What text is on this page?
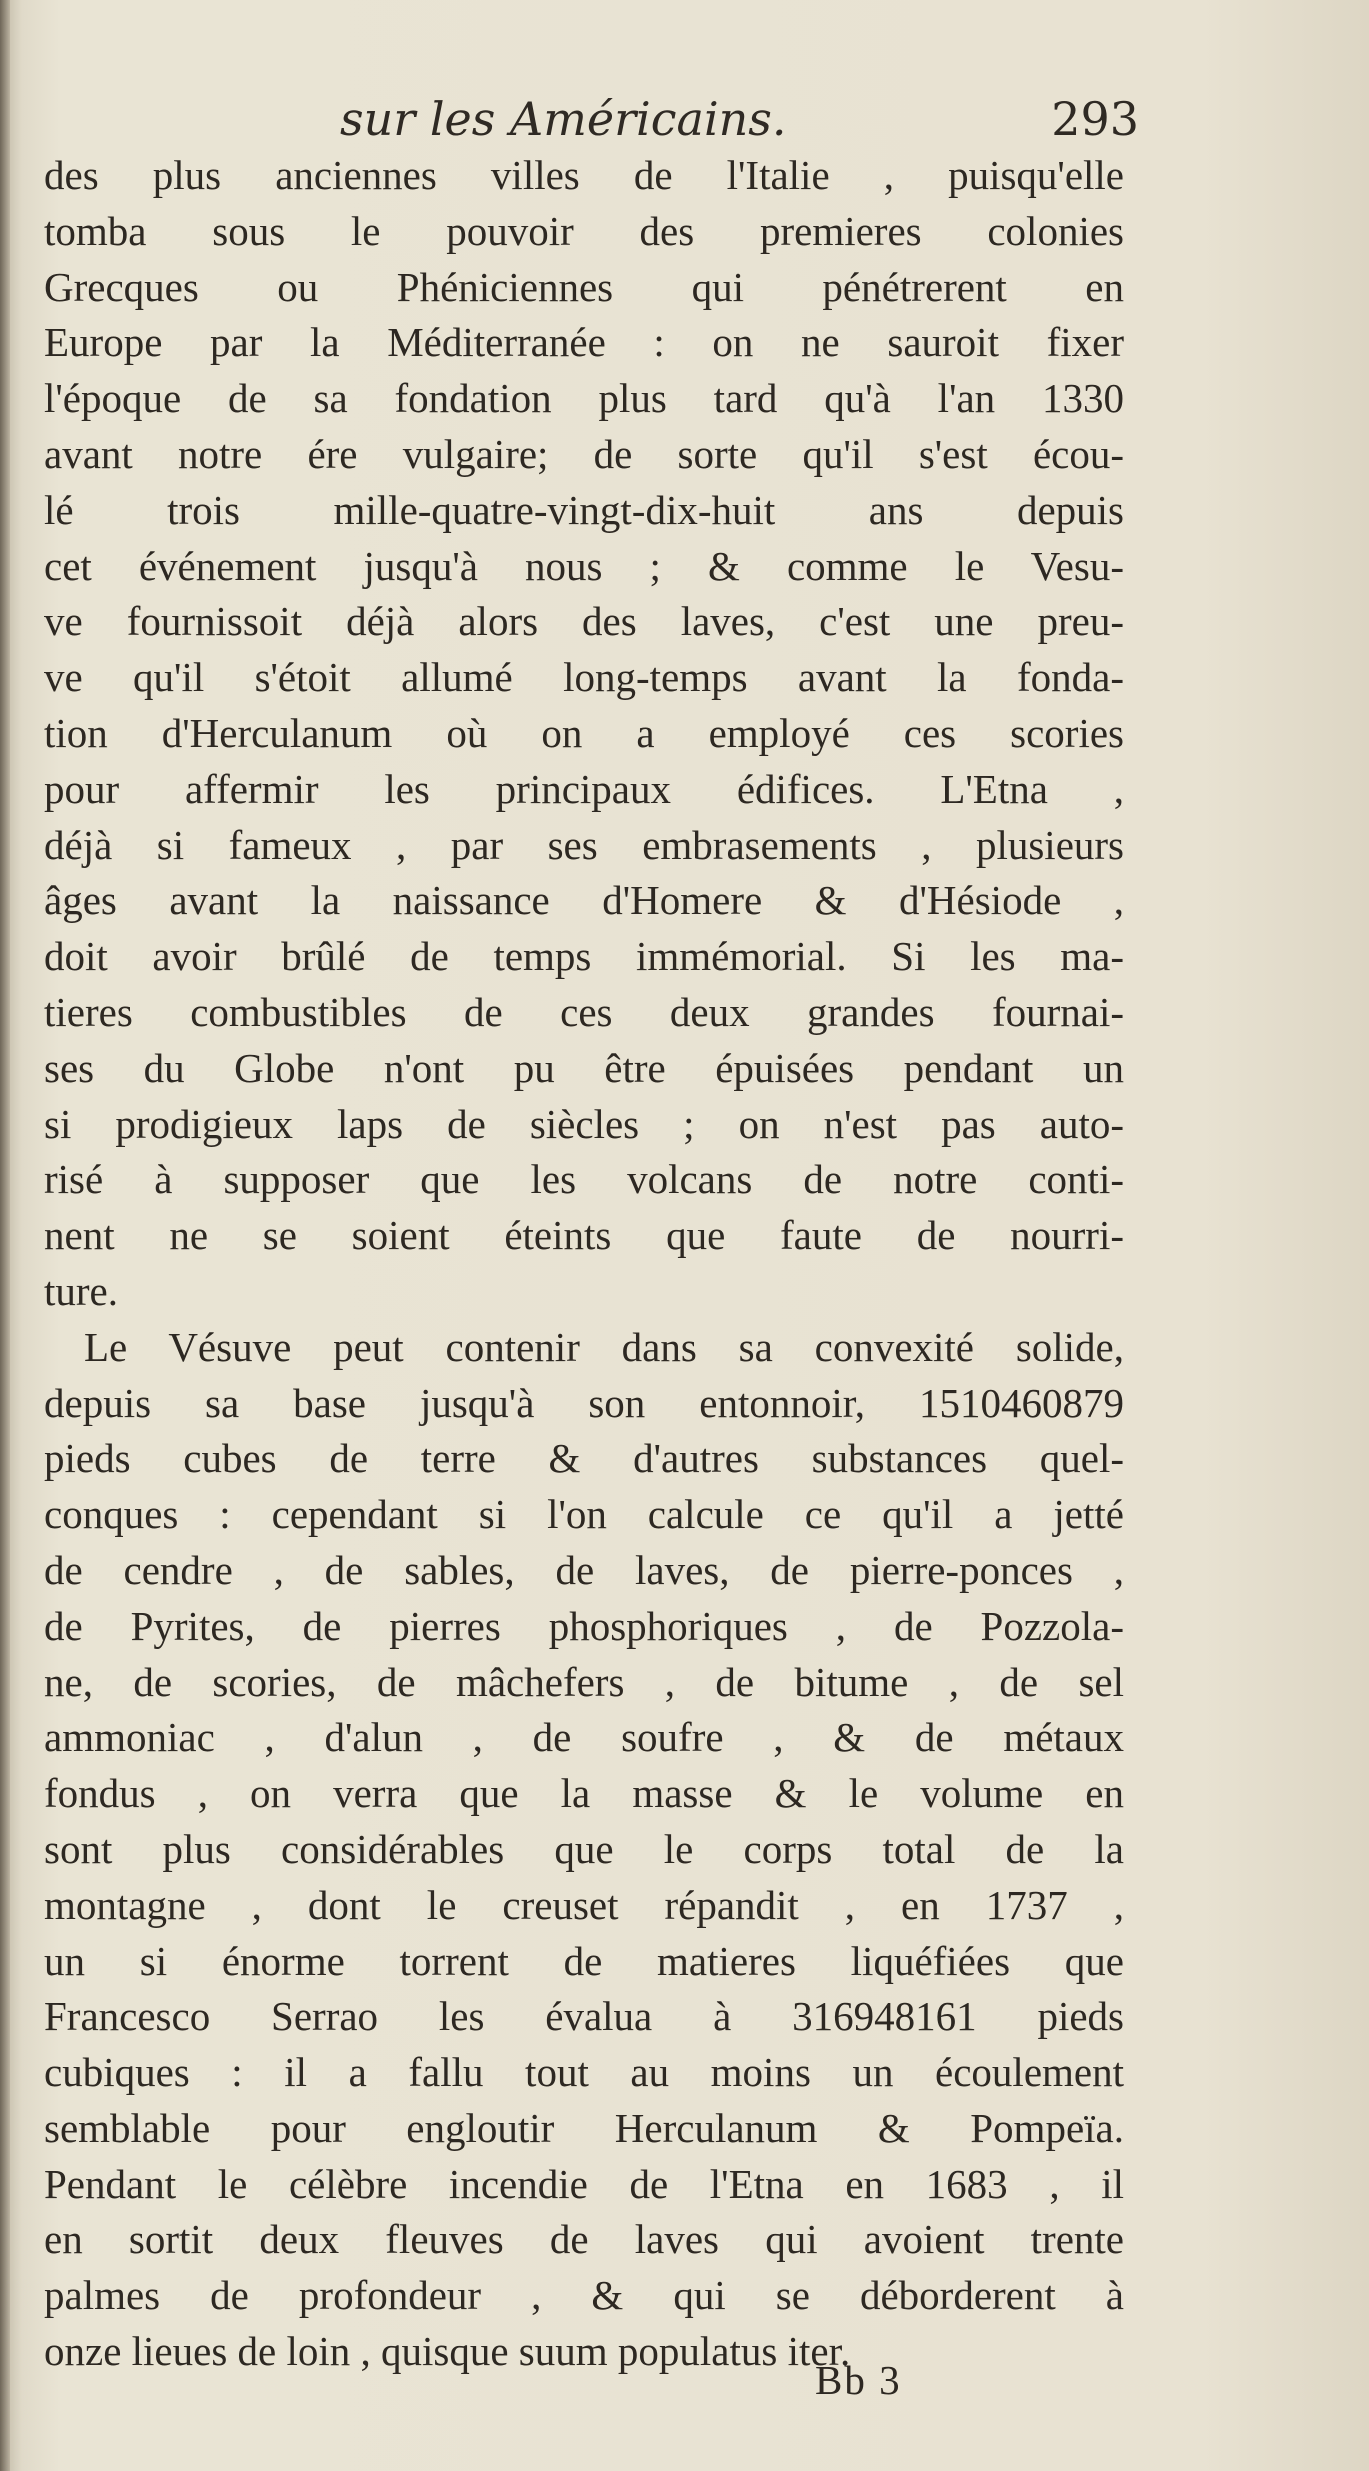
sur les Américains.	293
des plus anciennes villes de l'Italie , puisqu'elle
tomba sous le pouvoir des premieres colonies
Grecques ou Phéniciennes qui pénétrerent en
Europe par la Méditerranée : on ne sauroit fixer
l'époque de sa fondation plus tard qu'à l'an 1330
avant notre ére vulgaire; de sorte qu'il s'est écou-
lé trois mille-quatre-vingt-dix-huit ans depuis
cet événement jusqu'à nous ; & comme le Vesu-
ve fournissoit déjà alors des laves, c'est une preu-
ve qu'il s'étoit allumé long-temps avant la fonda-
tion d'Herculanum où on a employé ces scories
pour affermir les principaux édifices. L'Etna ,
déjà si fameux , par ses embrasements , plusieurs
âges avant la naissance d'Homere & d'Hésiode ,
doit avoir brûlé de temps immémorial. Si les ma-
tieres combustibles de ces deux grandes fournai-
ses du Globe n'ont pu être épuisées pendant un
si prodigieux laps de siècles ; on n'est pas auto-
risé à supposer que les volcans de notre conti-
nent ne se soient éteints que faute de nourri-
ture.
Le Vésuve peut contenir dans sa convexité solide,
depuis sa base jusqu'à son entonnoir, 1510460879
pieds cubes de terre & d'autres substances quel-
conques : cependant si l'on calcule ce qu'il a jetté
de cendre , de sables, de laves, de pierre-ponces ,
de Pyrites, de pierres phosphoriques , de Pozzola-
ne, de scories, de mâchefers , de bitume , de sel
ammoniac , d'alun , de soufre , & de métaux
fondus , on verra que la masse & le volume en
sont plus considérables que le corps total de la
montagne , dont le creuset répandit , en 1737 ,
un si énorme torrent de matieres liquéfiées que
Francesco Serrao les évalua à 316948161 pieds
cubiques : il a fallu tout au moins un écoulement
semblable pour engloutir Herculanum & Pompeïa.
Pendant le célèbre incendie de l'Etna en 1683 , il
en sortit deux fleuves de laves qui avoient trente
palmes de profondeur , & qui se déborderent à
onze lieues de loin , quisque suum populatus iter.
Bb 3
